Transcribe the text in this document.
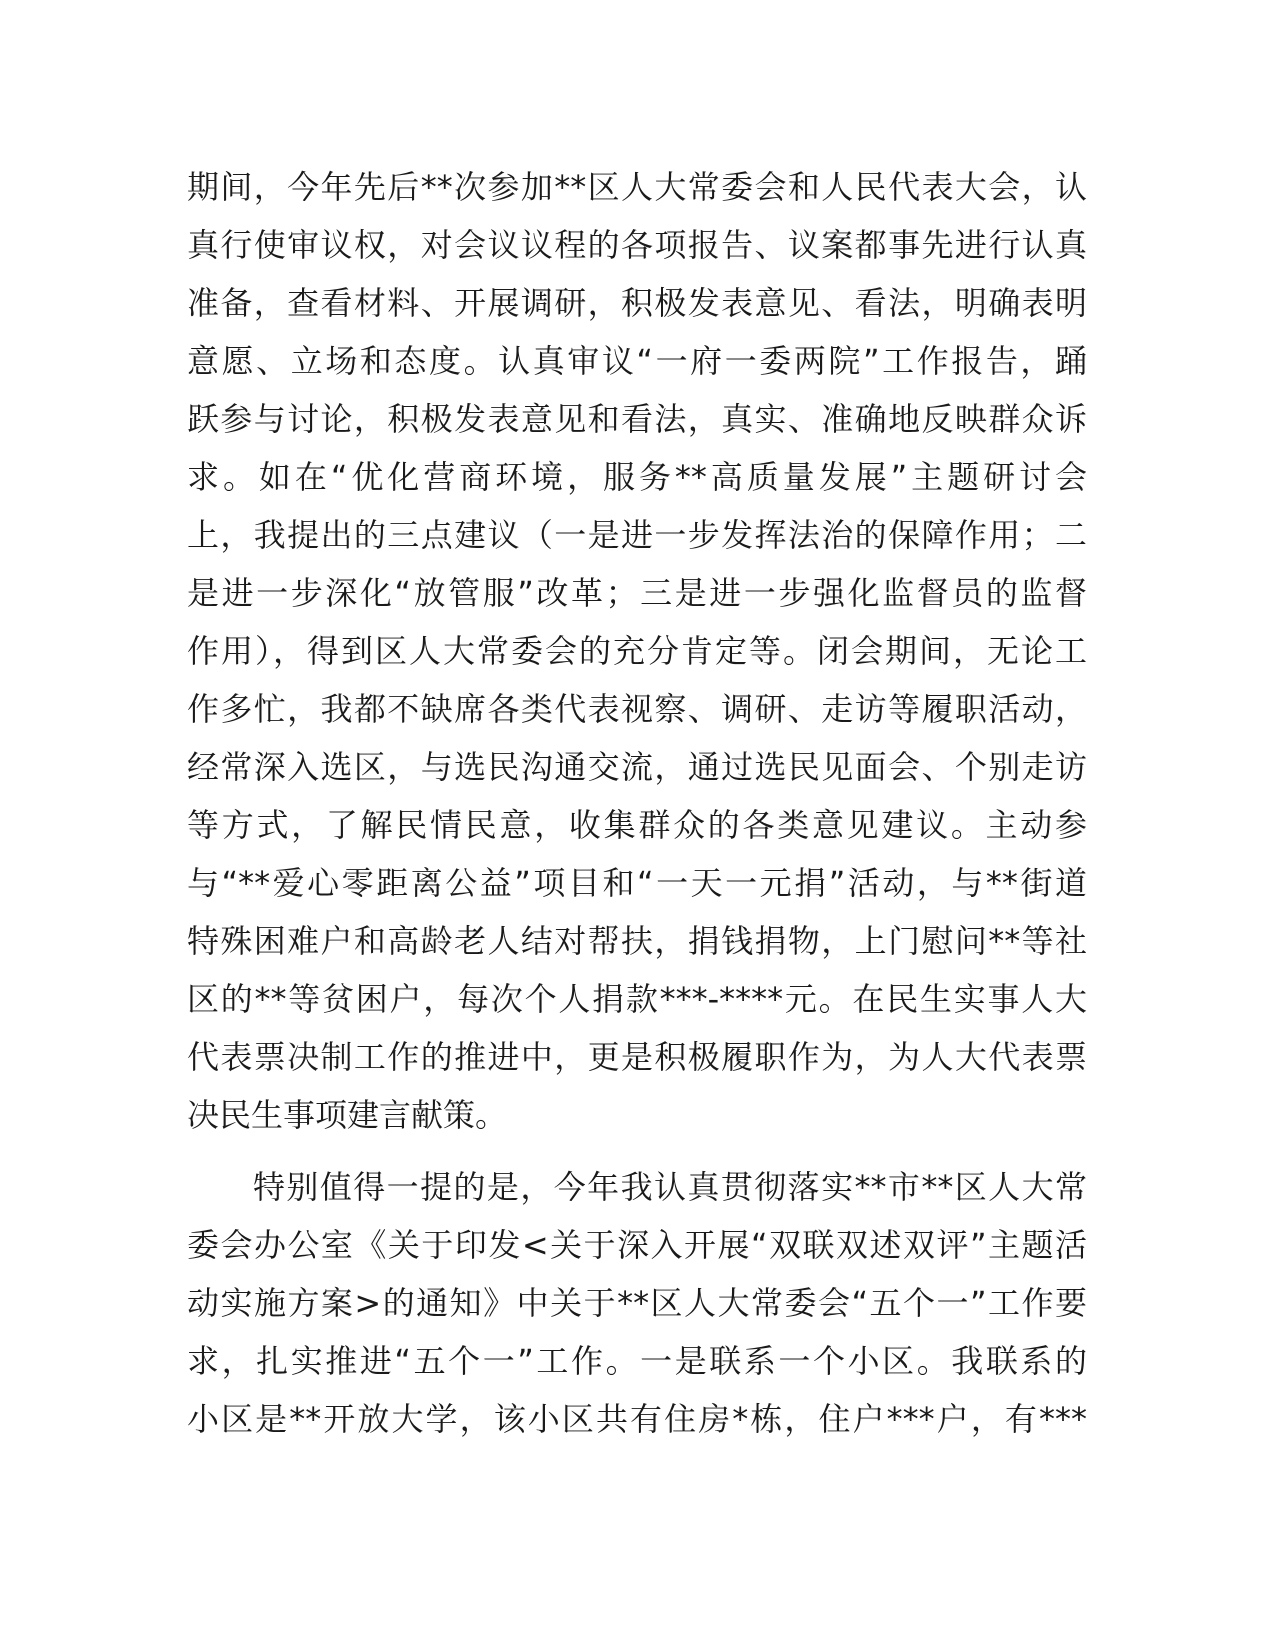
期间，今年先后**次参加**区人大常委会和人民代表大会，认
真行使审议权，对会议议程的各项报告、议案都事先进行认真
准备，查看材料、开展调研，积极发表意见、看法，明确表明
意愿、立场和态度。认真审议“一府一委两院”工作报告，踊
跃参与讨论，积极发表意见和看法，真实、准确地反映群众诉
求。如在“优化营商环境，服务**高质量发展”主题研讨会
上，我提出的三点建议（一是进一步发挥法治的保障作用；二
是进一步深化“放管服”改革；三是进一步强化监督员的监督
作用），得到区人大常委会的充分肯定等。闭会期间，无论工
作多忙，我都不缺席各类代表视察、调研、走访等履职活动，
经常深入选区，与选民沟通交流，通过选民见面会、个别走访
等方式，了解民情民意，收集群众的各类意见建议。主动参
与“**爱心零距离公益”项目和“一天一元捐”活动，与**街道
特殊困难户和高龄老人结对帮扶，捐钱捐物，上门慰问**等社
区的**等贫困户，每次个人捐款***-****元。在民生实事人大
代表票决制工作的推进中，更是积极履职作为，为人大代表票
决民生事项建言献策。
特别值得一提的是，今年我认真贯彻落实**市**区人大常
委会办公室《关于印发<关于深入开展“双联双述双评”主题活
动实施方案>的通知》中关于**区人大常委会“五个一”工作要
求，扎实推进“五个一”工作。一是联系一个小区。我联系的
小区是**开放大学，该小区共有住房*栋，住户***户，有***
